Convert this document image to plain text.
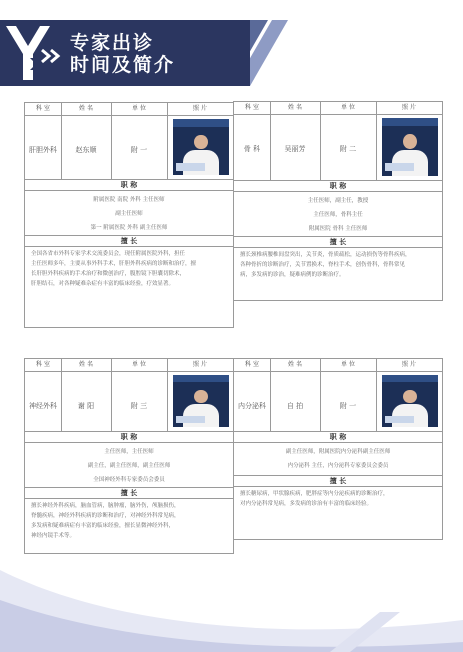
专家出诊
时间及简介
科 室	姓 名	单 位	照 片
肝胆外科	赵东顺	附 一
职 称
附属医院 南院 外科 主任医师
副主任医师
第一 附属医院 外科 副主任医师
擅 长
全国各省市外科专家学术交流委员会，现任附属医院外科，担任
主任医师多年，主要从事外科手术，肝胆外科疾病的诊断和治疗，擅
长肝胆外科疾病的手术治疗和微创治疗，腹腔镜下胆囊切除术，
肝胆结石，对各种疑难杂症有丰富的临床经验，疗效显著。
科 室	姓 名	单 位	照 片
骨 科	吴丽芳	附 二
职 称
主任医师，副主任，教授
主任医师，骨科主任
附属医院 骨科 主任医师
擅 长
擅长颈椎病腰椎间盘突出，关节炎，骨质疏松，运动损伤等骨科疾病，
各种骨折的诊断治疗，关节置换术，脊柱手术，创伤骨科，骨科常见
病，多发病的诊治，疑难病例的诊断治疗。
科 室	姓 名	单 位	照 片
神经外科	谢 阳	附 三
职 称
主任医师，主任医师
副主任，副主任医师，副主任医师
全国神经外科专家委员会委员
擅 长
擅长神经外科疾病，脑血管病，脑肿瘤，脑外伤，颅脑损伤，
脊髓疾病，神经外科疾病的诊断和治疗，对神经外科常见病，
多发病和疑难病症有丰富的临床经验，擅长显微神经外科，
神经内镜手术等。
科 室	姓 名	单 位	照 片
内分泌科	自 拍	附 一
职 称
副主任医师，附属医院内分泌科副主任医师
内分泌科 主任，内分泌科专家委员会委员
擅 长
擅长糖尿病，甲状腺疾病，肥胖症等内分泌疾病的诊断治疗，
对内分泌科常见病，多发病的诊治有丰富的临床经验。
